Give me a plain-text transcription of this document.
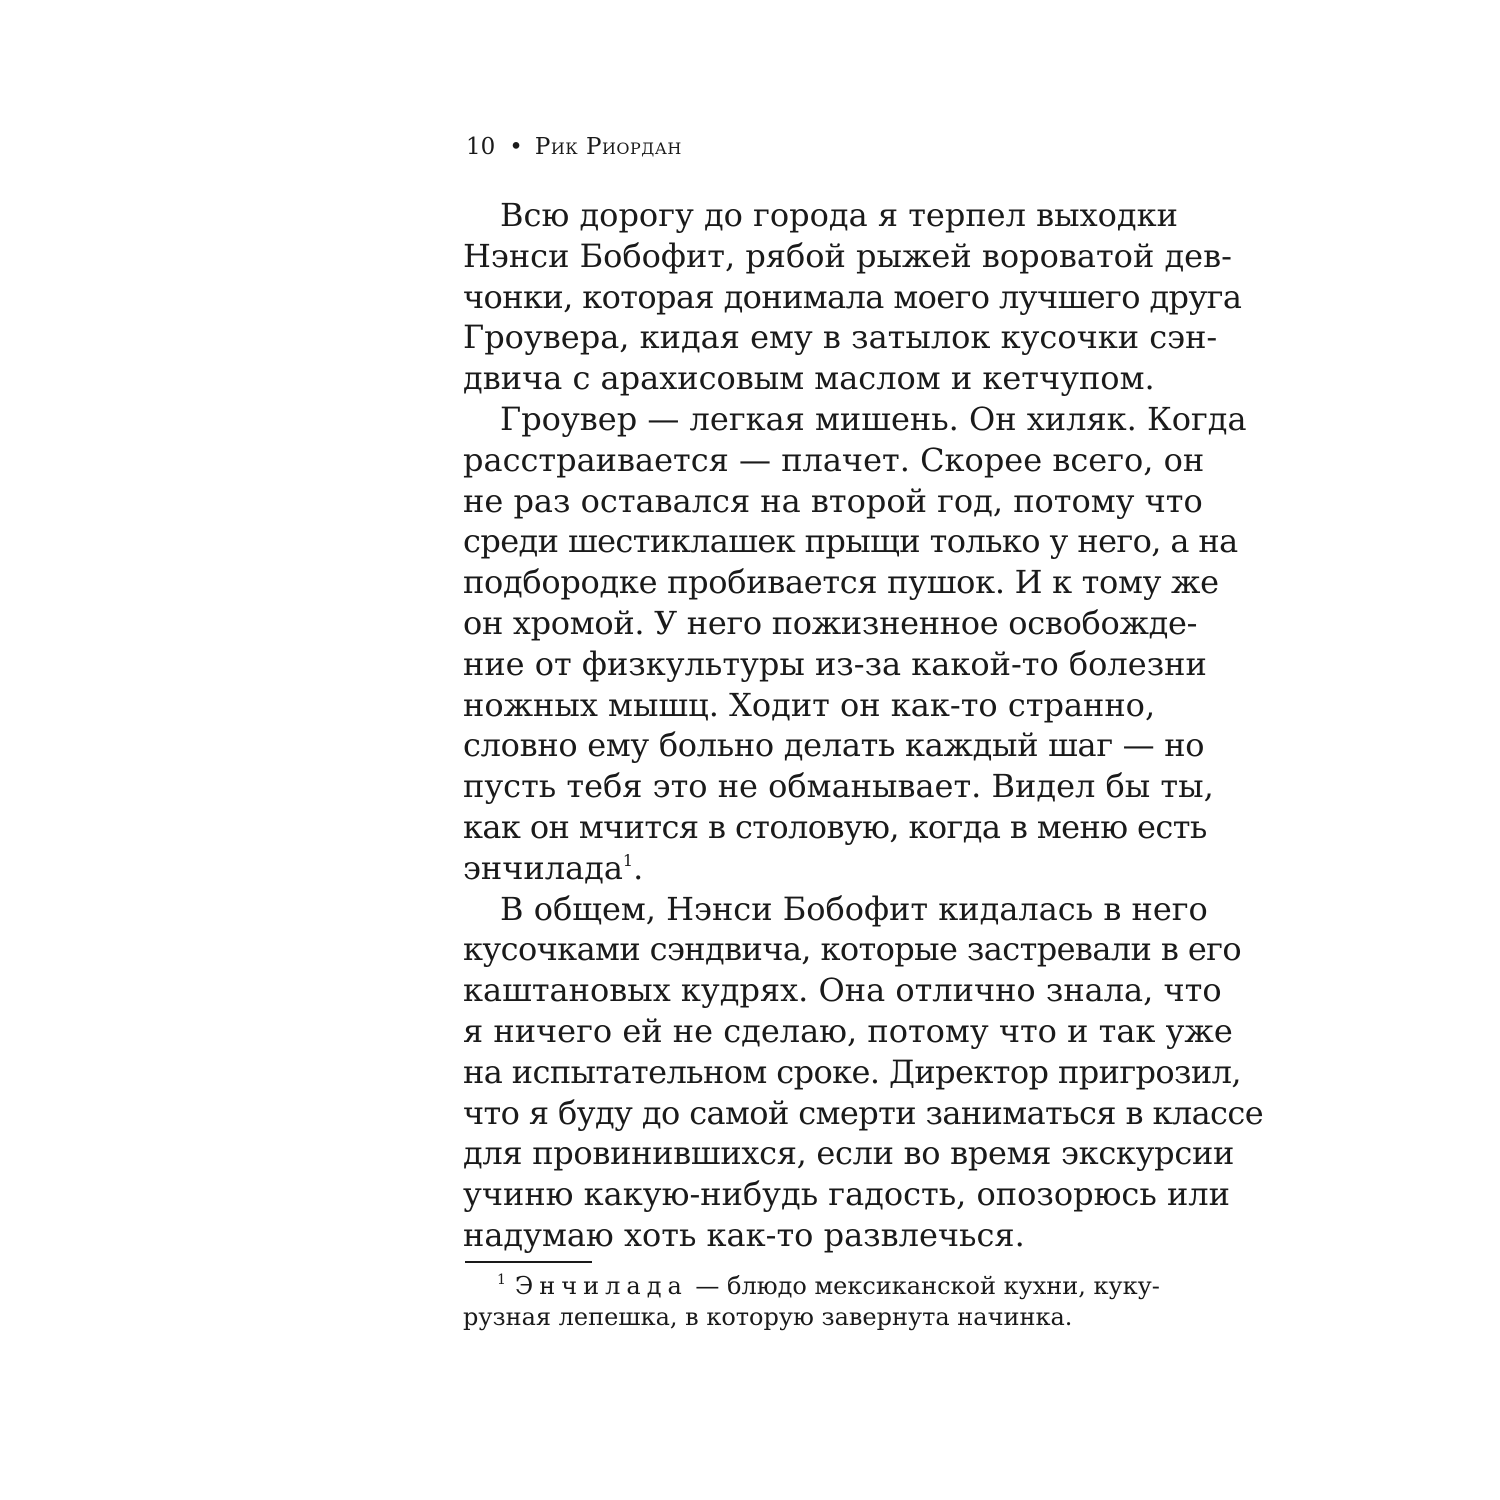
10 • Рик Риордан
Всю дорогу до города я терпел выходки
Нэнси Бобофит, рябой рыжей вороватой дев-
чонки, которая донимала моего лучшего друга
Гроувера, кидая ему в затылок кусочки сэн-
двича с арахисовым маслом и кетчупом.
Гроувер — легкая мишень. Он хиляк. Когда
расстраивается — плачет. Скорее всего, он
не раз оставался на второй год, потому что
среди шестиклашек прыщи только у него, а на
подбородке пробивается пушок. И к тому же
он хромой. У него пожизненное освобожде-
ние от физкультуры из-за какой-то болезни
ножных мышц. Ходит он как-то странно,
словно ему больно делать каждый шаг — но
пусть тебя это не обманывает. Видел бы ты,
как он мчится в столовую, когда в меню есть
энчилада$^1$.
В общем, Нэнси Бобофит кидалась в него
кусочками сэндвича, которые застревали в его
каштановых кудрях. Она отлично знала, что
я ничего ей не сделаю, потому что и так уже
на испытательном сроке. Директор пригрозил,
что я буду до самой смерти заниматься в классе
для провинившихся, если во время экскурсии
учиню какую-нибудь гадость, опозорюсь или
надумаю хоть как-то развлечься.
$^1$ Энчилада — блюдо мексиканской кухни, куку-
рузная лепешка, в которую завернута начинка.
